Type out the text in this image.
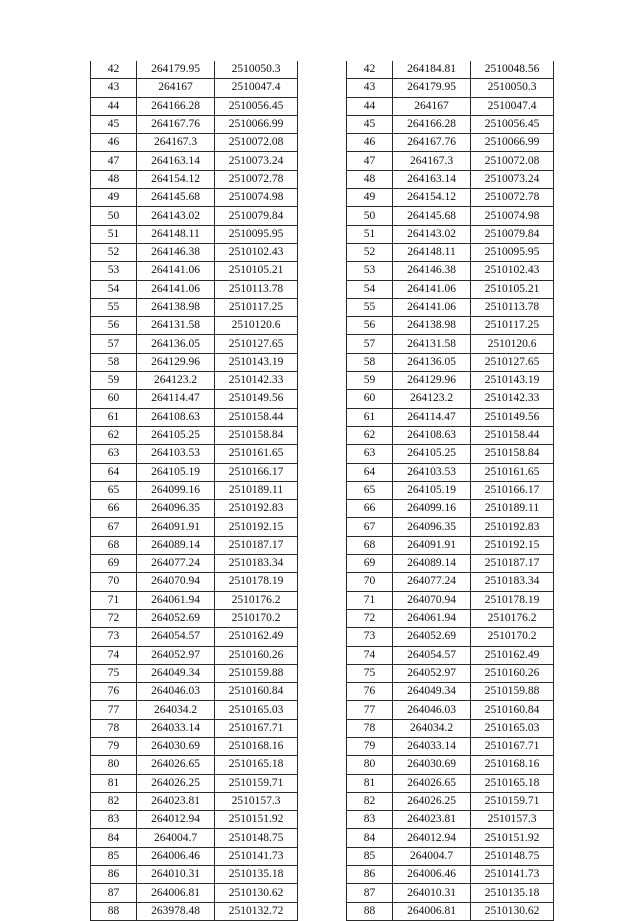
42	264179.95	2510050.3
43	264167	2510047.4
44	264166.28	2510056.45
45	264167.76	2510066.99
46	264167.3	2510072.08
47	264163.14	2510073.24
48	264154.12	2510072.78
49	264145.68	2510074.98
50	264143.02	2510079.84
51	264148.11	2510095.95
52	264146.38	2510102.43
53	264141.06	2510105.21
54	264141.06	2510113.78
55	264138.98	2510117.25
56	264131.58	2510120.6
57	264136.05	2510127.65
58	264129.96	2510143.19
59	264123.2	2510142.33
60	264114.47	2510149.56
61	264108.63	2510158.44
62	264105.25	2510158.84
63	264103.53	2510161.65
64	264105.19	2510166.17
65	264099.16	2510189.11
66	264096.35	2510192.83
67	264091.91	2510192.15
68	264089.14	2510187.17
69	264077.24	2510183.34
70	264070.94	2510178.19
71	264061.94	2510176.2
72	264052.69	2510170.2
73	264054.57	2510162.49
74	264052.97	2510160.26
75	264049.34	2510159.88
76	264046.03	2510160.84
77	264034.2	2510165.03
78	264033.14	2510167.71
79	264030.69	2510168.16
80	264026.65	2510165.18
81	264026.25	2510159.71
82	264023.81	2510157.3
83	264012.94	2510151.92
84	264004.7	2510148.75
85	264006.46	2510141.73
86	264010.31	2510135.18
87	264006.81	2510130.62
88	263978.48	2510132.72
42	264184.81	2510048.56
43	264179.95	2510050.3
44	264167	2510047.4
45	264166.28	2510056.45
46	264167.76	2510066.99
47	264167.3	2510072.08
48	264163.14	2510073.24
49	264154.12	2510072.78
50	264145.68	2510074.98
51	264143.02	2510079.84
52	264148.11	2510095.95
53	264146.38	2510102.43
54	264141.06	2510105.21
55	264141.06	2510113.78
56	264138.98	2510117.25
57	264131.58	2510120.6
58	264136.05	2510127.65
59	264129.96	2510143.19
60	264123.2	2510142.33
61	264114.47	2510149.56
62	264108.63	2510158.44
63	264105.25	2510158.84
64	264103.53	2510161.65
65	264105.19	2510166.17
66	264099.16	2510189.11
67	264096.35	2510192.83
68	264091.91	2510192.15
69	264089.14	2510187.17
70	264077.24	2510183.34
71	264070.94	2510178.19
72	264061.94	2510176.2
73	264052.69	2510170.2
74	264054.57	2510162.49
75	264052.97	2510160.26
76	264049.34	2510159.88
77	264046.03	2510160.84
78	264034.2	2510165.03
79	264033.14	2510167.71
80	264030.69	2510168.16
81	264026.65	2510165.18
82	264026.25	2510159.71
83	264023.81	2510157.3
84	264012.94	2510151.92
85	264004.7	2510148.75
86	264006.46	2510141.73
87	264010.31	2510135.18
88	264006.81	2510130.62
